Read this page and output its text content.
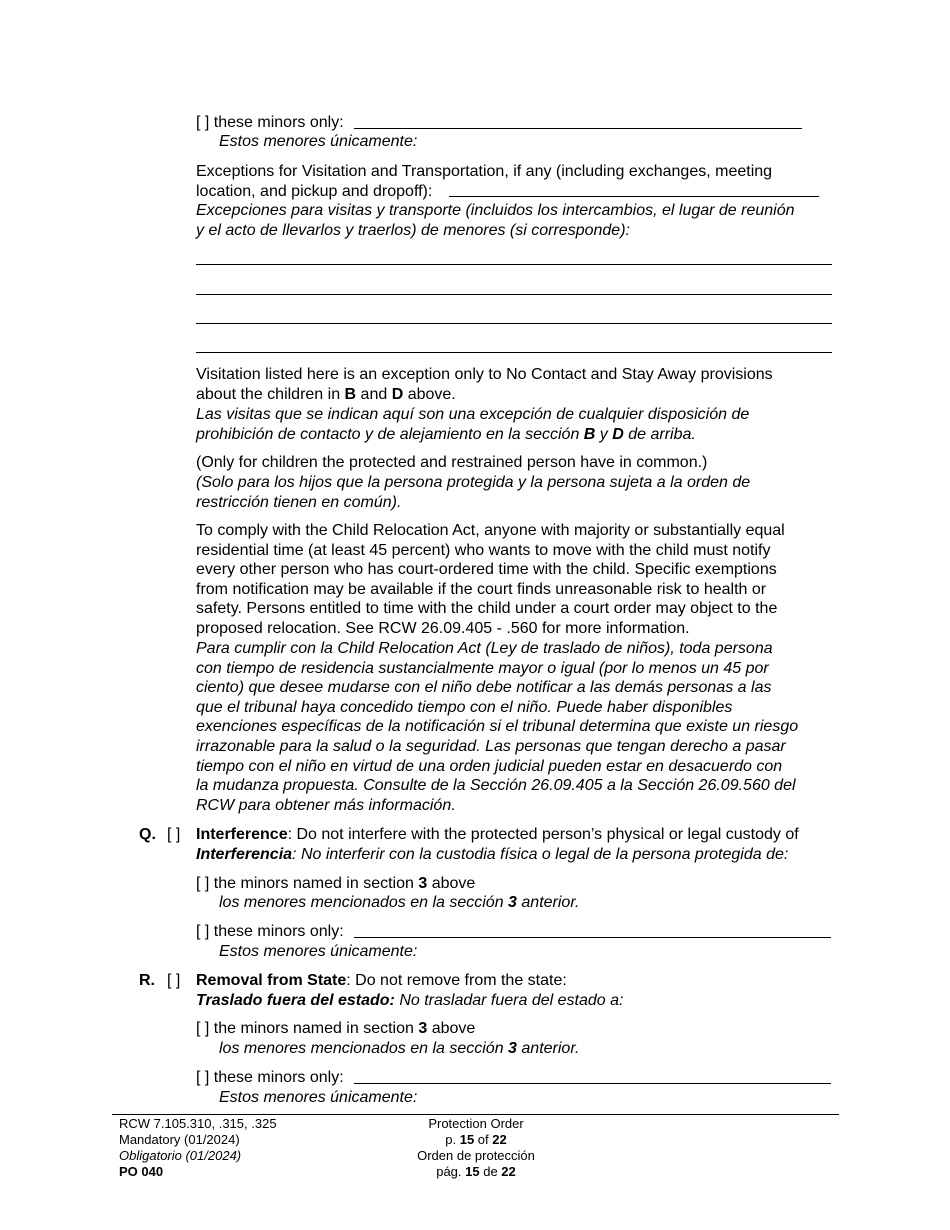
[ ] these minors only:
Estos menores únicamente:
Exceptions for Visitation and Transportation, if any (including exchanges, meeting
location, and pickup and dropoff):
Excepciones para visitas y transporte (incluidos los intercambios, el lugar de reunión
y el acto de llevarlos y traerlos) de menores (si corresponde):
Visitation listed here is an exception only to No Contact and Stay Away provisions
about the children in B and D above.
Las visitas que se indican aquí son una excepción de cualquier disposición de
prohibición de contacto y de alejamiento en la sección B y D de arriba.
(Only for children the protected and restrained person have in common.)
(Solo para los hijos que la persona protegida y la persona sujeta a la orden de
restricción tienen en común).
To comply with the Child Relocation Act, anyone with majority or substantially equal
residential time (at least 45 percent) who wants to move with the child must notify
every other person who has court-ordered time with the child. Specific exemptions
from notification may be available if the court finds unreasonable risk to health or
safety. Persons entitled to time with the child under a court order may object to the
proposed relocation. See RCW 26.09.405 - .560 for more information.
Para cumplir con la Child Relocation Act (Ley de traslado de niños), toda persona
con tiempo de residencia sustancialmente mayor o igual (por lo menos un 45 por
ciento) que desee mudarse con el niño debe notificar a las demás personas a las
que el tribunal haya concedido tiempo con el niño. Puede haber disponibles
exenciones específicas de la notificación si el tribunal determina que existe un riesgo
irrazonable para la salud o la seguridad. Las personas que tengan derecho a pasar
tiempo con el niño en virtud de una orden judicial pueden estar en desacuerdo con
la mudanza propuesta. Consulte de la Sección 26.09.405 a la Sección 26.09.560 del
RCW para obtener más información.
Q. [ ] Interference: Do not interfere with the protected person’s physical or legal custody of
Interferencia: No interferir con la custodia física o legal de la persona protegida de:
[ ] the minors named in section 3 above
los menores mencionados en la sección 3 anterior.
[ ] these minors only:
Estos menores únicamente:
R. [ ] Removal from State: Do not remove from the state:
Traslado fuera del estado: No trasladar fuera del estado a:
[ ] the minors named in section 3 above
los menores mencionados en la sección 3 anterior.
[ ] these minors only:
Estos menores únicamente:
RCW 7.105.310, .315, .325
Mandatory (01/2024)
Obligatorio (01/2024)
PO 040
Protection Order
p. 15 of 22
Orden de protección
pág. 15 de 22
